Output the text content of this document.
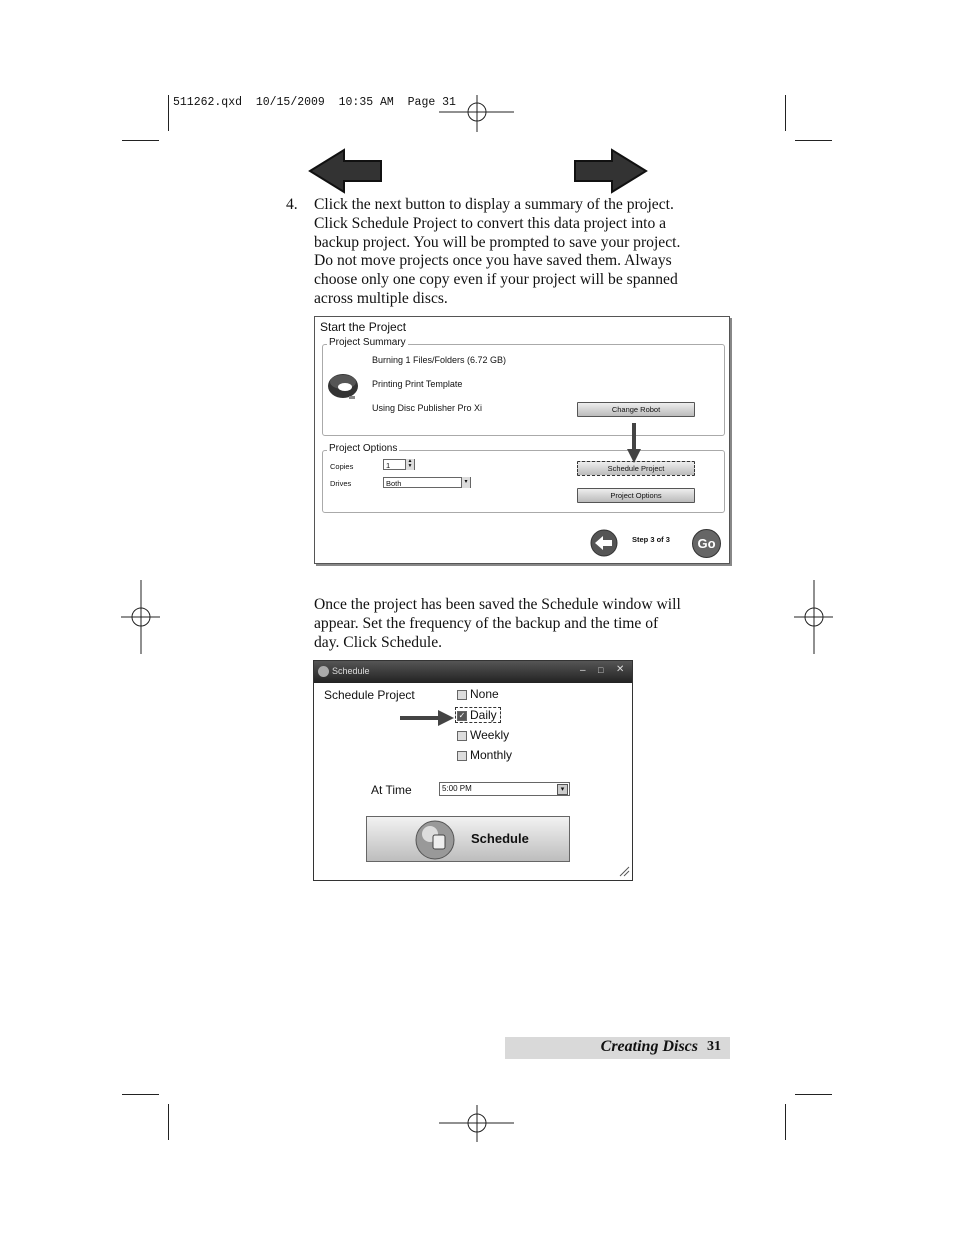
511262.qxd  10/15/2009  10:35 AM  Page 31
4. Click the next button to display a summary of the project.
Click Schedule Project to convert this data project into a
backup project. You will be prompted to save your project.
Do not move projects once you have saved them. Always
choose only one copy even if your project will be spanned
across multiple discs.
Start the Project
Project Summary
Burning 1 Files/Folders (6.72 GB)
Printing Print Template
Using Disc Publisher Pro Xi	Change Robot
Project Options
Copies	1	▲
▼
Drives	Both	▾
Schedule Project
Project Options
Step 3 of 3	Go
Once the project has been saved the Schedule window will
appear. Set the frequency of the backup and the time of
day. Click Schedule.
Schedule	– □ ✕
Schedule Project	None
✓ Daily
Weekly
Monthly
At Time	5:00 PM	▾
Schedule
Creating Discs 31
